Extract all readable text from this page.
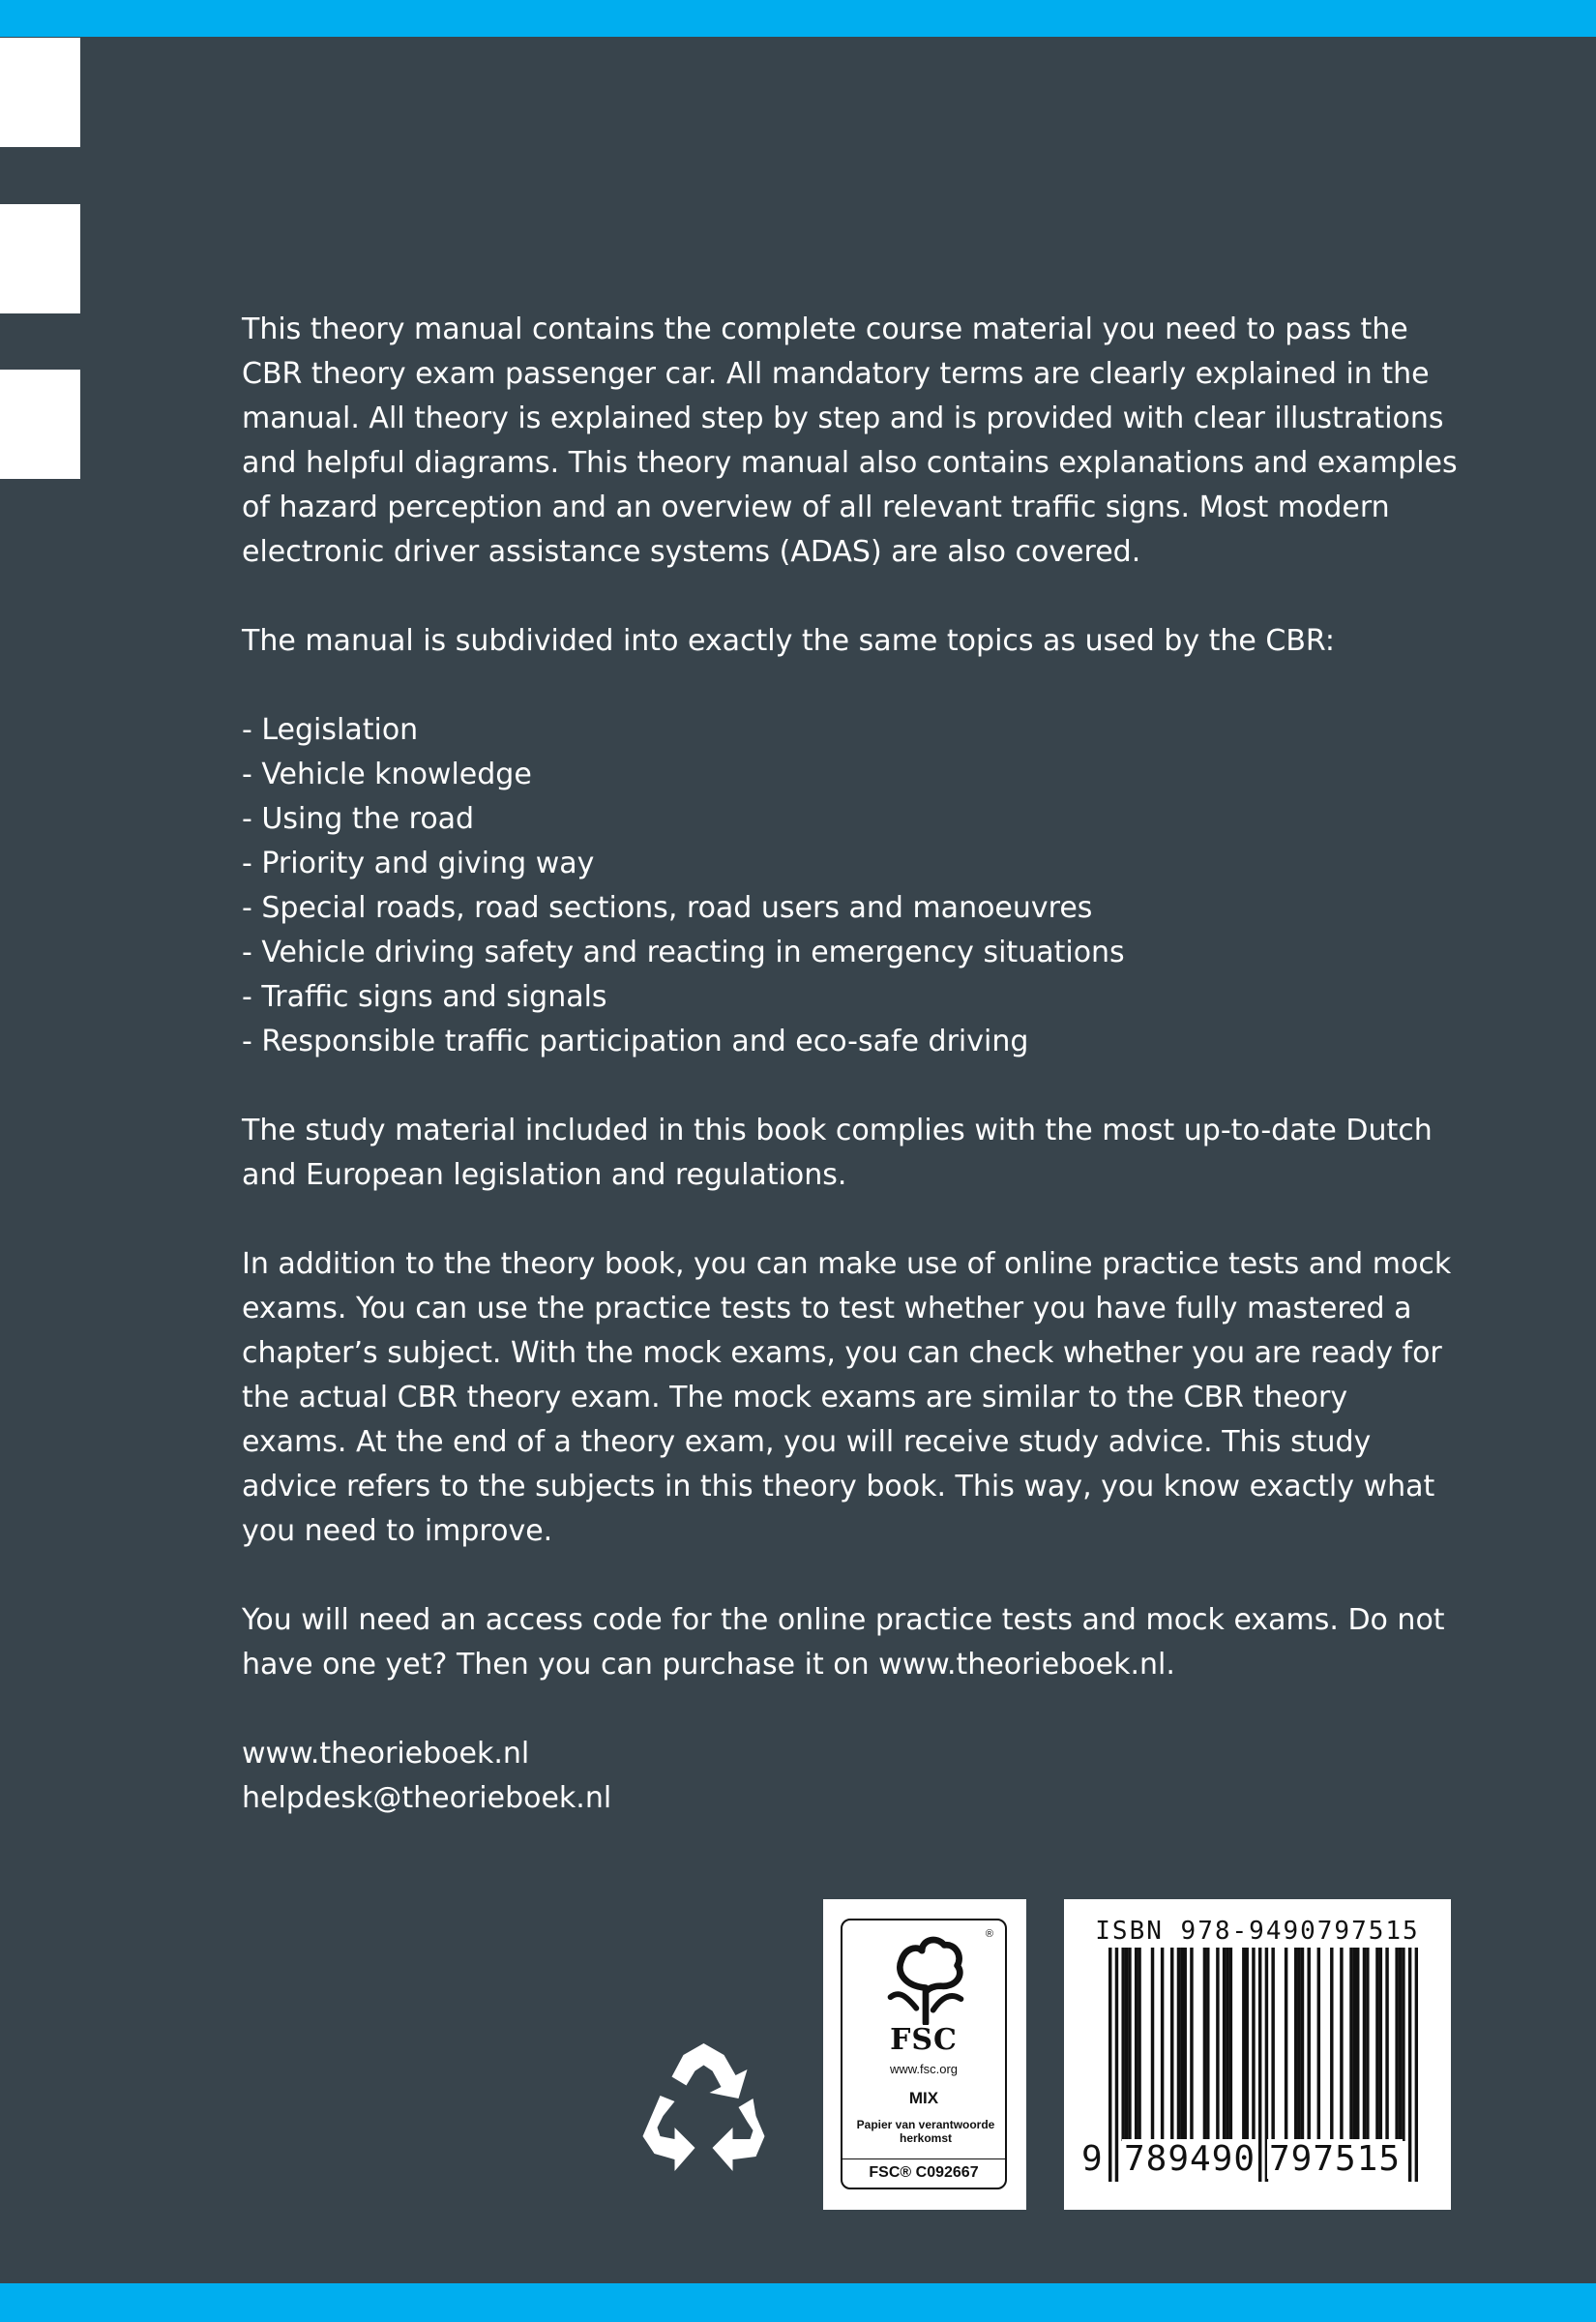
This theory manual contains the complete course material you need to pass the CBR theory exam passenger car. All mandatory terms are clearly explained in the manual. All theory is explained step by step and is provided with clear illustrations and helpful diagrams. This theory manual also contains explanations and examples of hazard perception and an overview of all relevant traffic signs. Most modern electronic driver assistance systems (ADAS) are also covered.

The manual is subdivided into exactly the same topics as used by the CBR:

- Legislation
- Vehicle knowledge
- Using the road
- Priority and giving way
- Special roads, road sections, road users and manoeuvres
- Vehicle driving safety and reacting in emergency situations
- Traffic signs and signals
- Responsible traffic participation and eco-safe driving

The study material included in this book complies with the most up-to-date Dutch and European legislation and regulations.

In addition to the theory book, you can make use of online practice tests and mock exams. You can use the practice tests to test whether you have fully mastered a chapter’s subject. With the mock exams, you can check whether you are ready for the actual CBR theory exam. The mock exams are similar to the CBR theory exams. At the end of a theory exam, you will receive study advice. This study advice refers to the subjects in this theory book. This way, you know exactly what you need to improve.

You will need an access code for the online practice tests and mock exams. Do not have one yet? Then you can purchase it on www.theorieboek.nl.

www.theorieboek.nl
helpdesk@theorieboek.nl
®
FSC
www.fsc.org
MIX
Papier van verantwoorde herkomst
FSC® C092667
ISBN 978-9490797515
9 789490 797515
